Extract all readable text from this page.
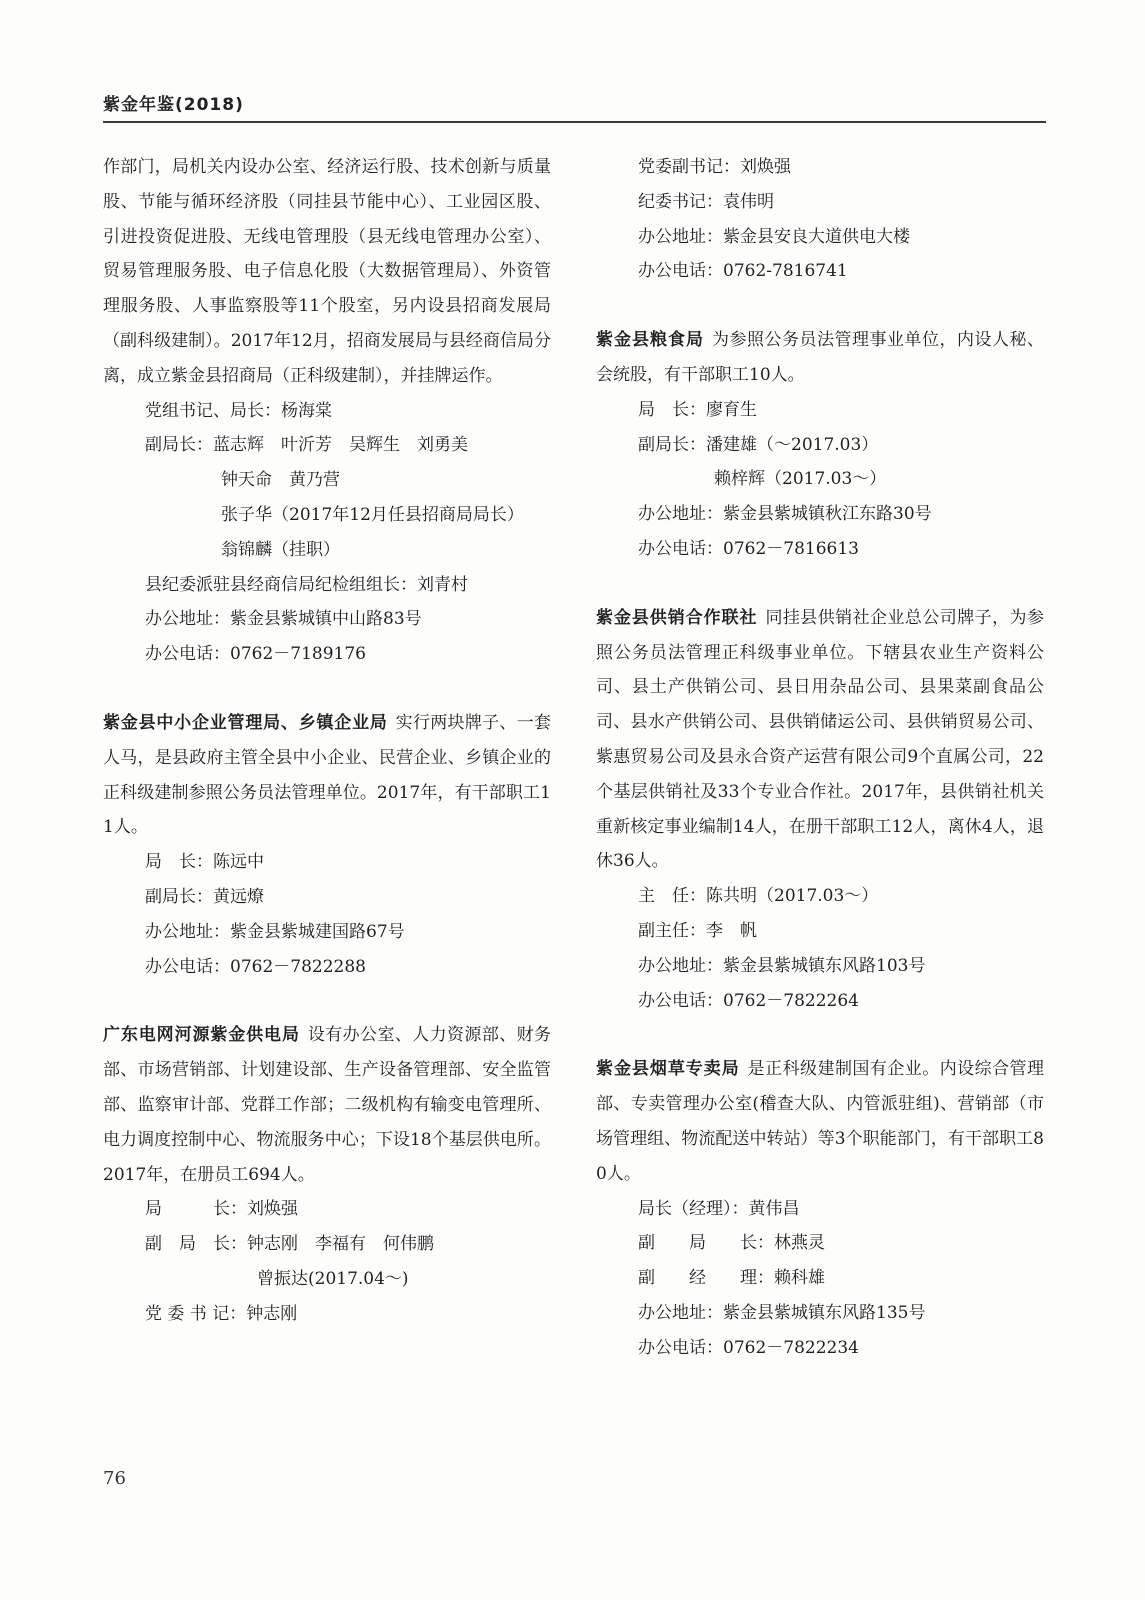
紫金年鉴(2018)

作部门，局机关内设办公室、经济运行股、技术创新与质量股、节能与循环经济股（同挂县节能中心）、工业园区股、引进投资促进股、无线电管理股（县无线电管理办公室）、贸易管理服务股、电子信息化股（大数据管理局）、外资管理服务股、人事监察股等11个股室，另内设县招商发展局（副科级建制）。2017年12月，招商发展局与县经商信局分离，成立紫金县招商局（正科级建制），并挂牌运作。

党组书记、局长：杨海棠

副局长：蓝志辉　叶沂芳　吴辉生　刘勇美

钟天命　黄乃营

张子华（2017年12月任县招商局局长）

翁锦麟（挂职）

县纪委派驻县经商信局纪检组组长：刘青村

办公地址：紫金县紫城镇中山路83号

办公电话：0762－7189176

紫金县中小企业管理局、乡镇企业局 实行两块牌子、一套人马，是县政府主管全县中小企业、民营企业、乡镇企业的正科级建制参照公务员法管理单位。2017年，有干部职工11人。

局　长：陈远中

副局长：黄远燎

办公地址：紫金县紫城建国路67号

办公电话：0762－7822288

广东电网河源紫金供电局 设有办公室、人力资源部、财务部、市场营销部、计划建设部、生产设备管理部、安全监管部、监察审计部、党群工作部；二级机构有输变电管理所、电力调度控制中心、物流服务中心；下设18个基层供电所。2017年，在册员工694人。

局　　　长：刘焕强

副　局　长：钟志刚　李福有　何伟鹏

曾振达(2017.04～)

党 委 书 记：钟志刚

党委副书记：刘焕强

纪委书记：袁伟明

办公地址：紫金县安良大道供电大楼

办公电话：0762-7816741

紫金县粮食局 为参照公务员法管理事业单位，内设人秘、会统股，有干部职工10人。

局　长：廖育生

副局长：潘建雄（～2017.03）

赖梓辉（2017.03～）

办公地址：紫金县紫城镇秋江东路30号

办公电话：0762－7816613

紫金县供销合作联社 同挂县供销社企业总公司牌子，为参照公务员法管理正科级事业单位。下辖县农业生产资料公司、县土产供销公司、县日用杂品公司、县果菜副食品公司、县水产供销公司、县供销储运公司、县供销贸易公司、紫惠贸易公司及县永合资产运营有限公司9个直属公司，22个基层供销社及33个专业合作社。2017年，县供销社机关重新核定事业编制14人，在册干部职工12人，离休4人，退休36人。

主　任：陈共明（2017.03～）

副主任：李　帆

办公地址：紫金县紫城镇东风路103号

办公电话：0762－7822264

紫金县烟草专卖局 是正科级建制国有企业。内设综合管理部、专卖管理办公室(稽查大队、内管派驻组)、营销部（市场管理组、物流配送中转站）等3个职能部门，有干部职工80人。

局长（经理）：黄伟昌

副　　局　　长：林燕灵

副　　经　　理：赖科雄

办公地址：紫金县紫城镇东风路135号

办公电话：0762－7822234

76
